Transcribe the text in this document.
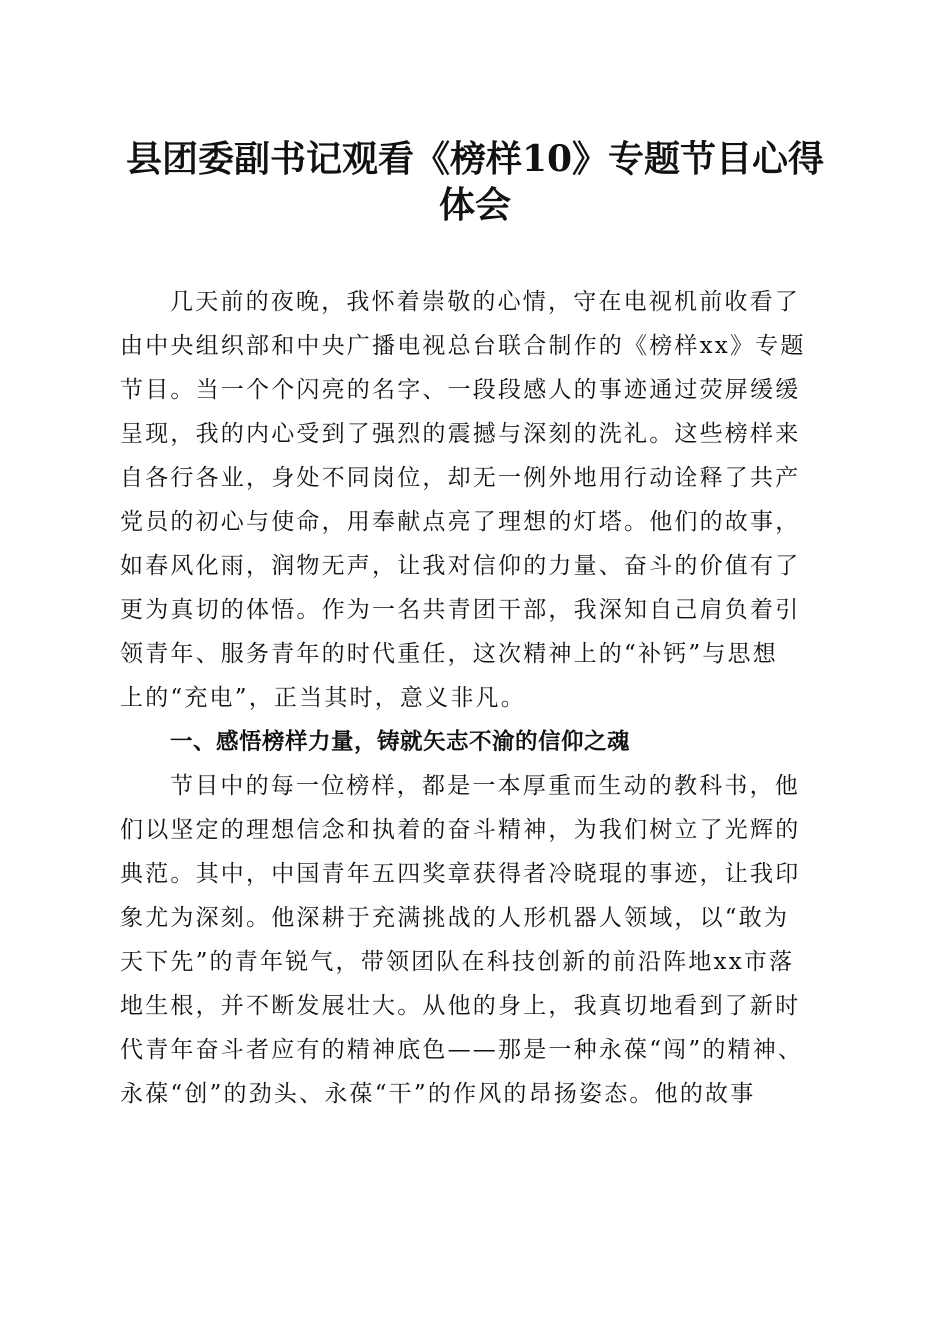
县团委副书记观看《榜样10》专题节目心得
体会

几天前的夜晚，我怀着崇敬的心情，守在电视机前收看了

由中央组织部和中央广播电视总台联合制作的《榜样xx》专题

节目。当一个个闪亮的名字、一段段感人的事迹通过荧屏缓缓

呈现，我的内心受到了强烈的震撼与深刻的洗礼。这些榜样来

自各行各业，身处不同岗位，却无一例外地用行动诠释了共产

党员的初心与使命，用奉献点亮了理想的灯塔。他们的故事，

如春风化雨，润物无声，让我对信仰的力量、奋斗的价值有了

更为真切的体悟。作为一名共青团干部，我深知自己肩负着引

领青年、服务青年的时代重任，这次精神上的“补钙”与思想

上的“充电”，正当其时，意义非凡。

一、感悟榜样力量，铸就矢志不渝的信仰之魂

节目中的每一位榜样，都是一本厚重而生动的教科书，他

们以坚定的理想信念和执着的奋斗精神，为我们树立了光辉的

典范。其中，中国青年五四奖章获得者冷晓琨的事迹，让我印

象尤为深刻。他深耕于充满挑战的人形机器人领域，以“敢为

天下先”的青年锐气，带领团队在科技创新的前沿阵地xx市落

地生根，并不断发展壮大。从他的身上，我真切地看到了新时

代青年奋斗者应有的精神底色——那是一种永葆“闯”的精神、

永葆“创”的劲头、永葆“干”的作风的昂扬姿态。他的故事
